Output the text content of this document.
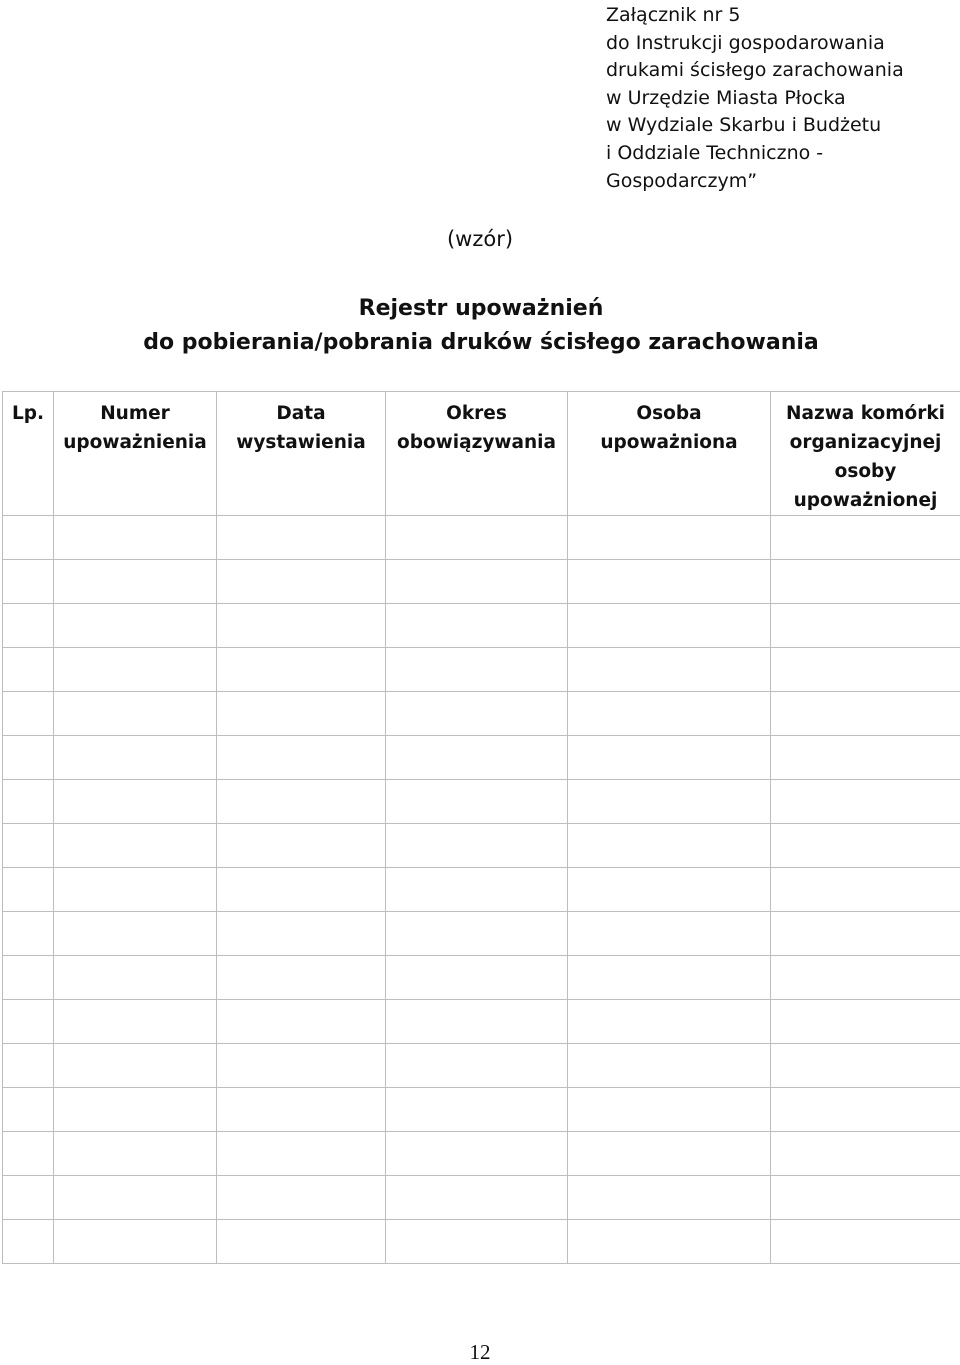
Załącznik nr 5
do Instrukcji gospodarowania
drukami ścisłego zarachowania
w Urzędzie Miasta Płocka
w Wydziale Skarbu i Budżetu
i Oddziale Techniczno -
Gospodarczym”
(wzór)
Rejestr upoważnień
do pobierania/pobrania druków ścisłego zarachowania
Lp.	Numer upoważnienia	Data wystawienia	Okres obowiązywania	Osoba upoważniona	Nazwa komórki organizacyjnej osoby upoważnionej

12
